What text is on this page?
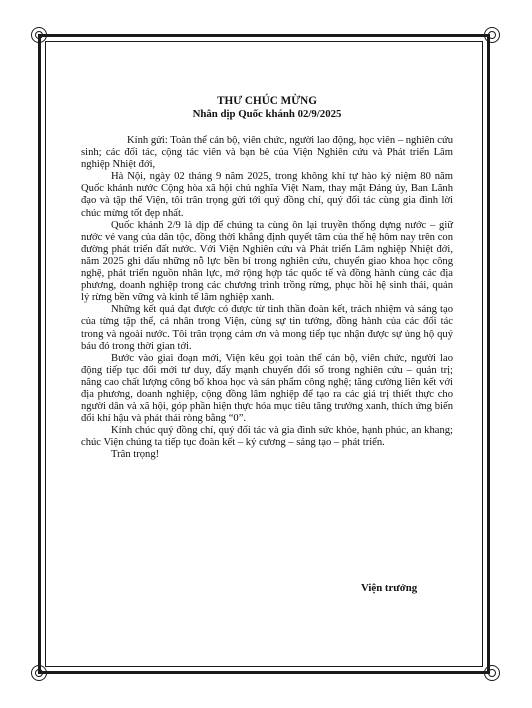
THƯ CHÚC MỪNG

Nhân dịp Quốc khánh 02/9/2025

Kính gửi: Toàn thể cán bộ, viên chức, người lao động, học viên – nghiên cứu sinh; các đối tác, cộng tác viên và bạn bè của Viện Nghiên cứu và Phát triển Lâm nghiệp Nhiệt đới,

Hà Nội, ngày 02 tháng 9 năm 2025, trong không khí tự hào kỷ niệm 80 năm Quốc khánh nước Cộng hòa xã hội chủ nghĩa Việt Nam, thay mặt Đảng ủy, Ban Lãnh đạo và tập thể Viện, tôi trân trọng gửi tới quý đồng chí, quý đối tác cùng gia đình lời chúc mừng tốt đẹp nhất.

Quốc khánh 2/9 là dịp để chúng ta cùng ôn lại truyền thống dựng nước – giữ nước vẻ vang của dân tộc, đồng thời khẳng định quyết tâm của thế hệ hôm nay trên con đường phát triển đất nước. Với Viện Nghiên cứu và Phát triển Lâm nghiệp Nhiệt đới, năm 2025 ghi dấu những nỗ lực bền bỉ trong nghiên cứu, chuyển giao khoa học công nghệ, phát triển nguồn nhân lực, mở rộng hợp tác quốc tế và đồng hành cùng các địa phương, doanh nghiệp trong các chương trình trồng rừng, phục hồi hệ sinh thái, quản lý rừng bền vững và kinh tế lâm nghiệp xanh.

Những kết quả đạt được có được từ tinh thần đoàn kết, trách nhiệm và sáng tạo của từng tập thể, cá nhân trong Viện, cùng sự tin tưởng, đồng hành của các đối tác trong và ngoài nước. Tôi trân trọng cảm ơn và mong tiếp tục nhận được sự ủng hộ quý báu đó trong thời gian tới.

Bước vào giai đoạn mới, Viện kêu gọi toàn thể cán bộ, viên chức, người lao động tiếp tục đổi mới tư duy, đẩy mạnh chuyển đổi số trong nghiên cứu – quản trị; nâng cao chất lượng công bố khoa học và sản phẩm công nghệ; tăng cường liên kết với địa phương, doanh nghiệp, cộng đồng lâm nghiệp để tạo ra các giá trị thiết thực cho người dân và xã hội, góp phần hiện thực hóa mục tiêu tăng trưởng xanh, thích ứng biến đổi khí hậu và phát thải ròng bằng “0”.

Kính chúc quý đồng chí, quý đối tác và gia đình sức khỏe, hạnh phúc, an khang; chúc Viện chúng ta tiếp tục đoàn kết – kỷ cương – sáng tạo – phát triển.

Trân trọng!

Viện trưởng
